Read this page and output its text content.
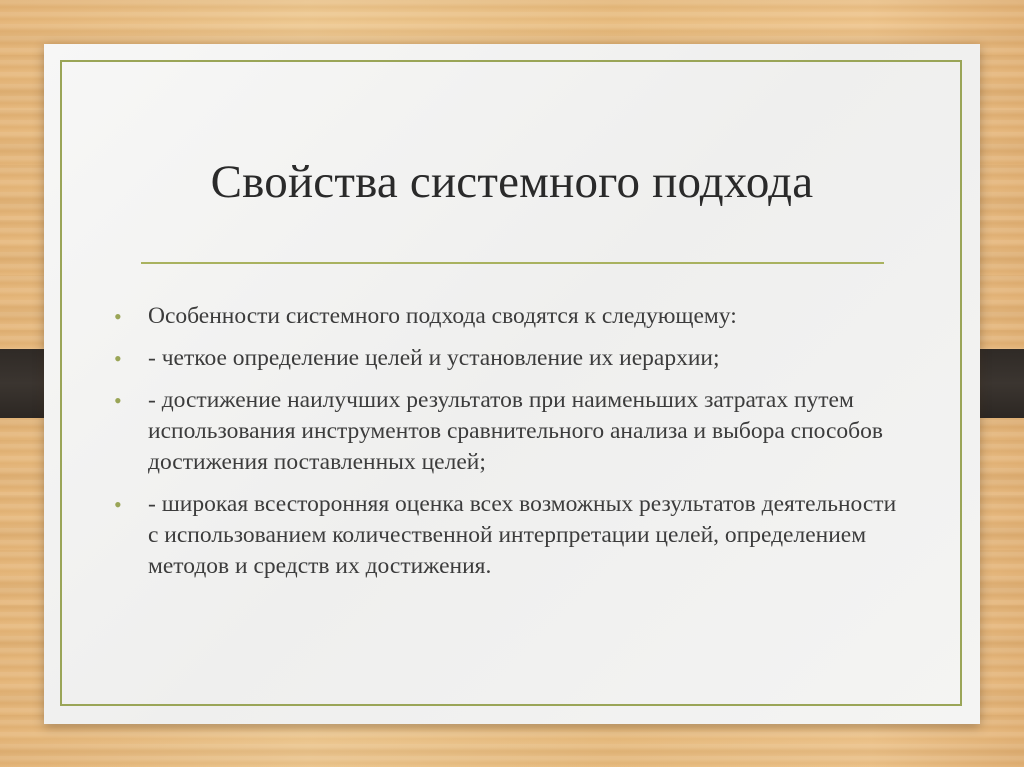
Свойства системного подхода
•	Особенности системного подхода сводятся к следующему:
•	- четкое определение целей и установление их иерархии;
•	- достижение наилучших результатов при наименьших затратах путем использования инструментов сравнительного анализа и выбора способов достижения поставленных целей;
•	- широкая всесторонняя оценка всех возможных результатов деятельности с использованием количественной интерпретации целей, определением методов и средств их достижения.
